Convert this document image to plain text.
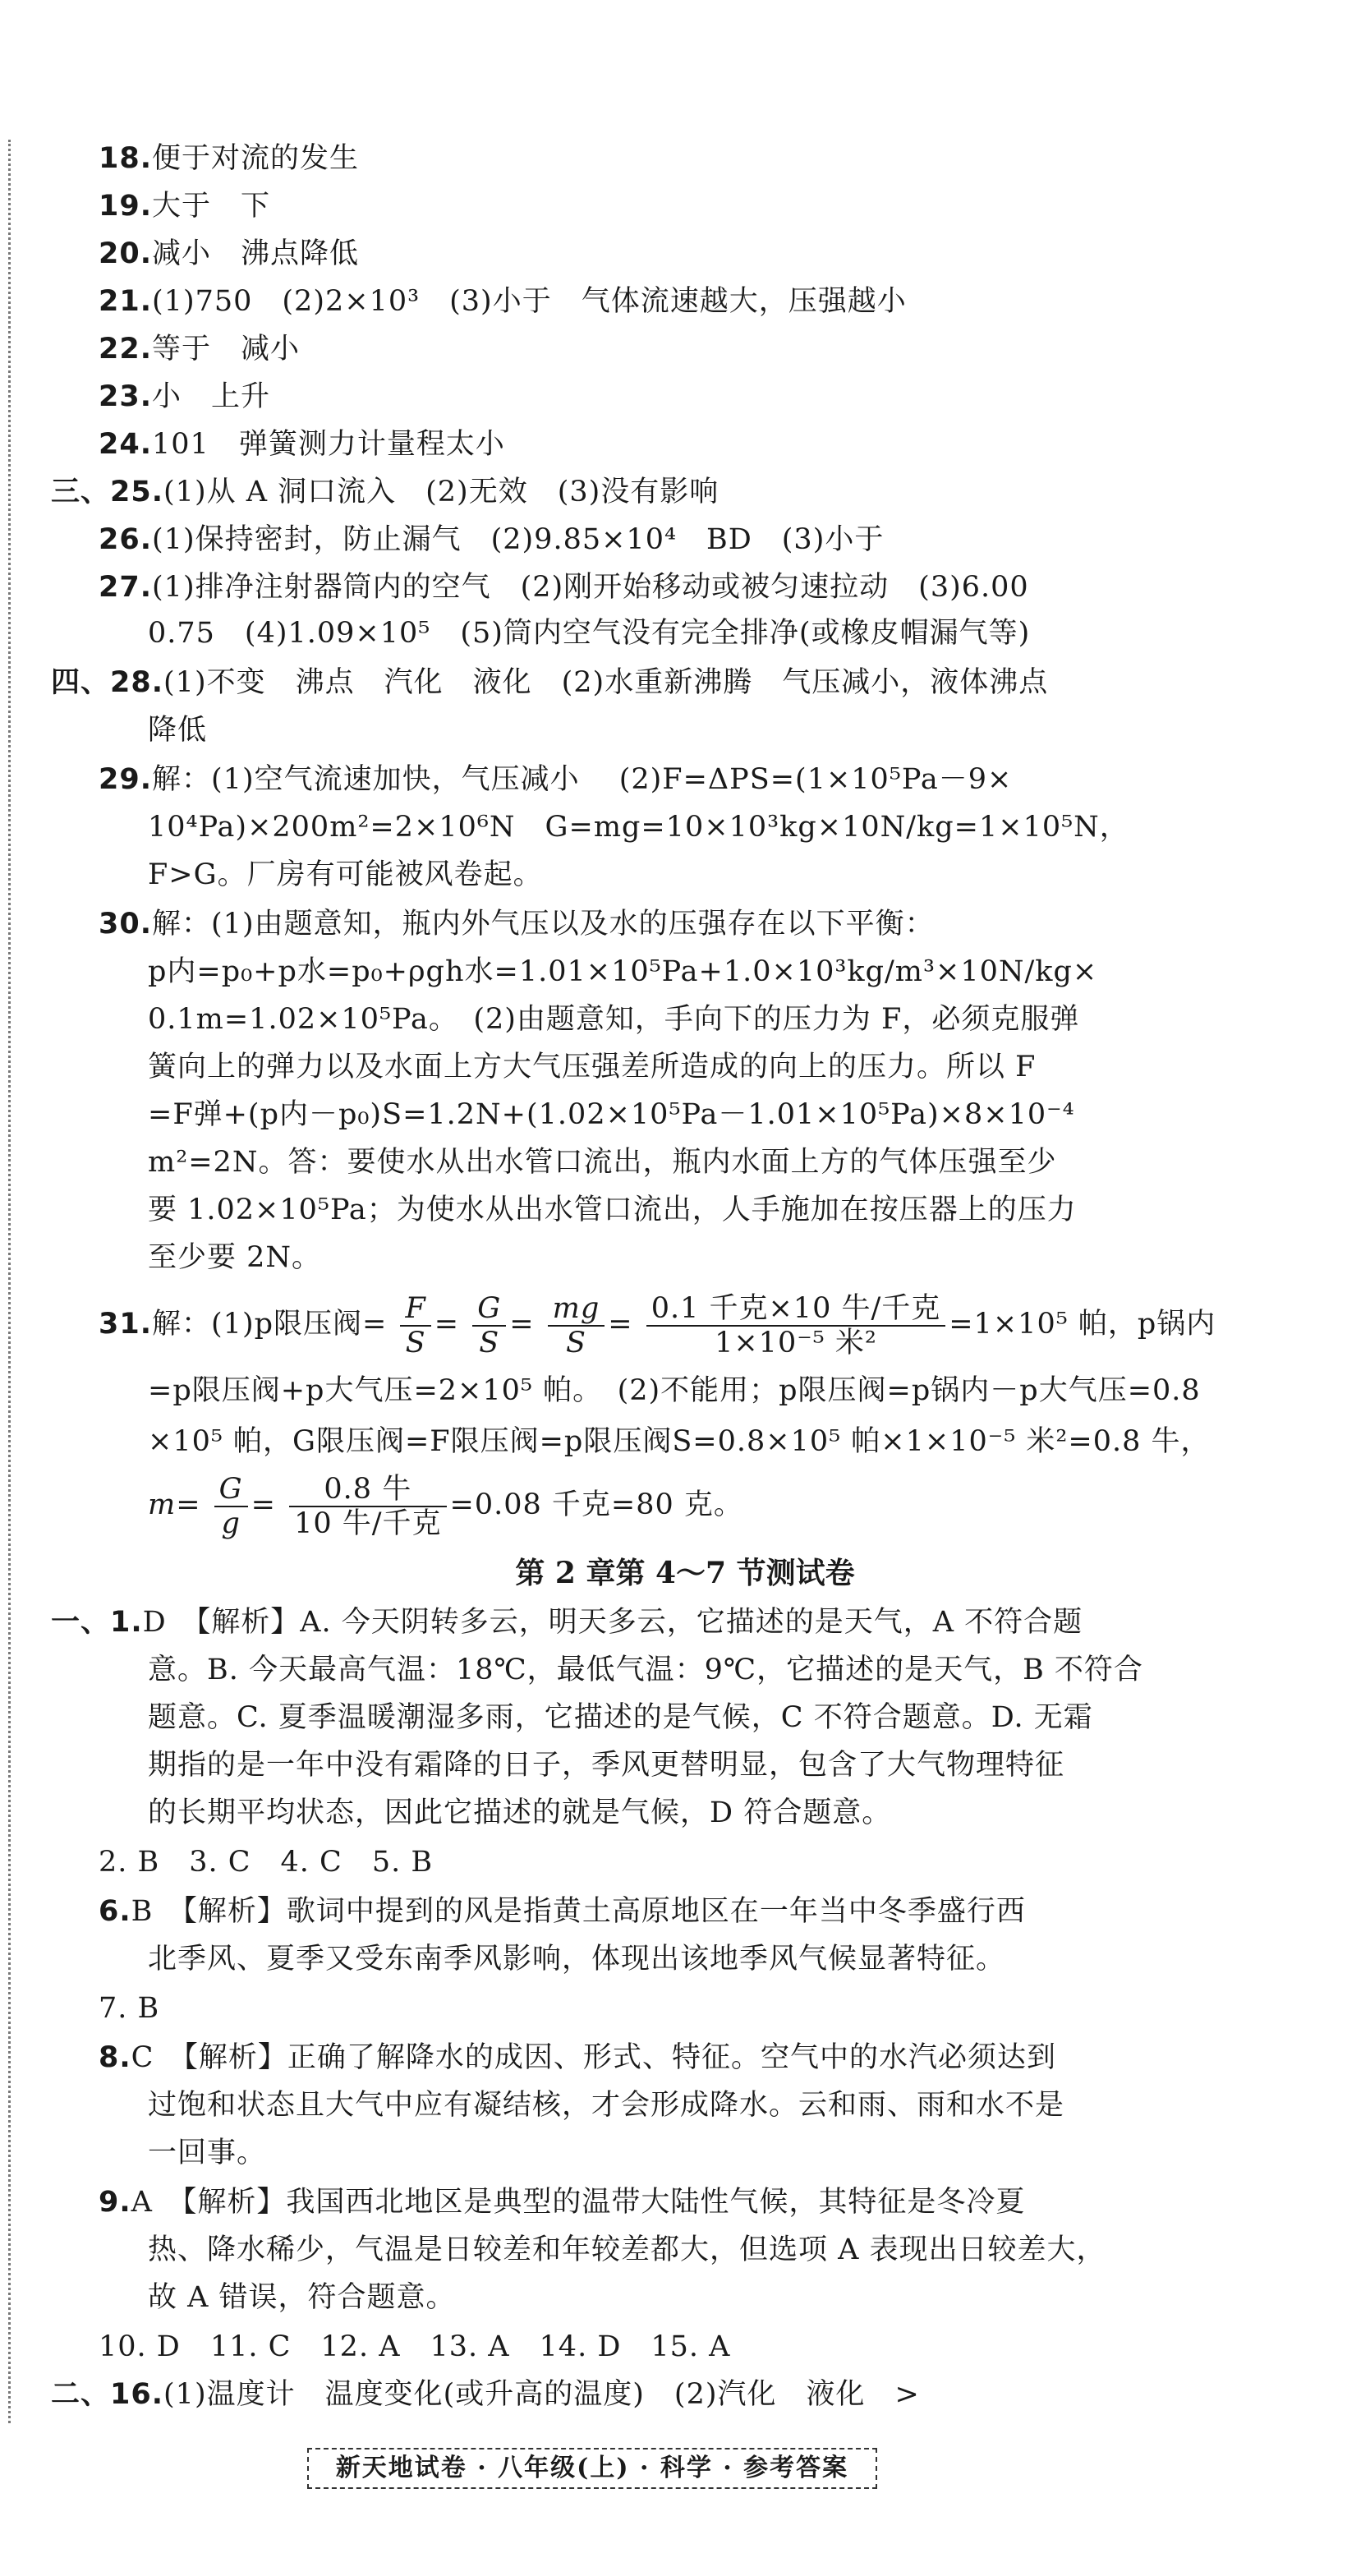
18.便于对流的发生
19.大于　下
20.减小　沸点降低
21.(1)750　(2)2×10³　(3)小于　气体流速越大，压强越小
22.等于　减小
23.小　上升
24.101　弹簧测力计量程太小
三、25.(1)从 A 洞口流入　(2)无效　(3)没有影响
26.(1)保持密封，防止漏气　(2)9.85×10⁴　BD　(3)小于
27.(1)排净注射器筒内的空气　(2)刚开始移动或被匀速拉动　(3)6.00
0.75　(4)1.09×10⁵　(5)筒内空气没有完全排净(或橡皮帽漏气等)
四、28.(1)不变　沸点　汽化　液化　(2)水重新沸腾　气压减小，液体沸点
降低
29.解：(1)空气流速加快，气压减小　 (2)F=ΔPS=(1×10⁵Pa－9×
10⁴Pa)×200m²=2×10⁶N　G=mg=10×10³kg×10N/kg=1×10⁵N，
F>G。厂房有可能被风卷起。
30.解：(1)由题意知，瓶内外气压以及水的压强存在以下平衡：
p内=p₀+p水=p₀+ρgh水=1.01×10⁵Pa+1.0×10³kg/m³×10N/kg×
0.1m=1.02×10⁵Pa。　(2)由题意知，手向下的压力为 F，必须克服弹
簧向上的弹力以及水面上方大气压强差所造成的向上的压力。所以 F
=F弹+(p内－p₀)S=1.2N+(1.02×10⁵Pa－1.01×10⁵Pa)×8×10⁻⁴
m²=2N。答：要使水从出水管口流出，瓶内水面上方的气体压强至少
要 1.02×10⁵Pa；为使水从出水管口流出，人手施加在按压器上的压力
至少要 2N。
31.解：(1)p限压阀= $\frac{F}{S} = \frac{G}{S} = \frac{mg}{S} = \frac{\text{0.1 千克×10 牛/千克}}{\text{1×10⁻⁵ 米²}} =1\times 10^5$ 帕，p锅内
=p限压阀+p大气压=2×10⁵ 帕。　(2)不能用；p限压阀=p锅内－p大气压=0.8
×10⁵ 帕，G限压阀=F限压阀=p限压阀S=0.8×10⁵ 帕×1×10⁻⁵ 米²=0.8 牛，
$m= \frac{G}{g} = \frac{\text{0.8 牛}}{\text{10 牛/千克}} =0.08$ 千克=80 克。
第 2 章第 4～7 节测试卷
一、1.D　【解析】A. 今天阴转多云，明天多云，它描述的是天气，A 不符合题
意。B. 今天最高气温：18℃，最低气温：9℃，它描述的是天气，B 不符合
题意。C. 夏季温暖潮湿多雨，它描述的是气候，C 不符合题意。D. 无霜
期指的是一年中没有霜降的日子，季风更替明显，包含了大气物理特征
的长期平均状态，因此它描述的就是气候，D 符合题意。
2. B　3. C　4. C　5. B
6.B　【解析】歌词中提到的风是指黄土高原地区在一年当中冬季盛行西
北季风、夏季又受东南季风影响，体现出该地季风气候显著特征。
7. B
8.C　【解析】正确了解降水的成因、形式、特征。空气中的水汽必须达到
过饱和状态且大气中应有凝结核，才会形成降水。云和雨、雨和水不是
一回事。
9.A　【解析】我国西北地区是典型的温带大陆性气候，其特征是冬冷夏
热、降水稀少，气温是日较差和年较差都大，但选项 A 表现出日较差大，
故 A 错误，符合题意。
10. D　11. C　12. A　13. A　14. D　15. A
二、16.(1)温度计　温度变化(或升高的温度)　(2)汽化　液化　>
新天地试卷 · 八年级(上) · 科学 · 参考答案
